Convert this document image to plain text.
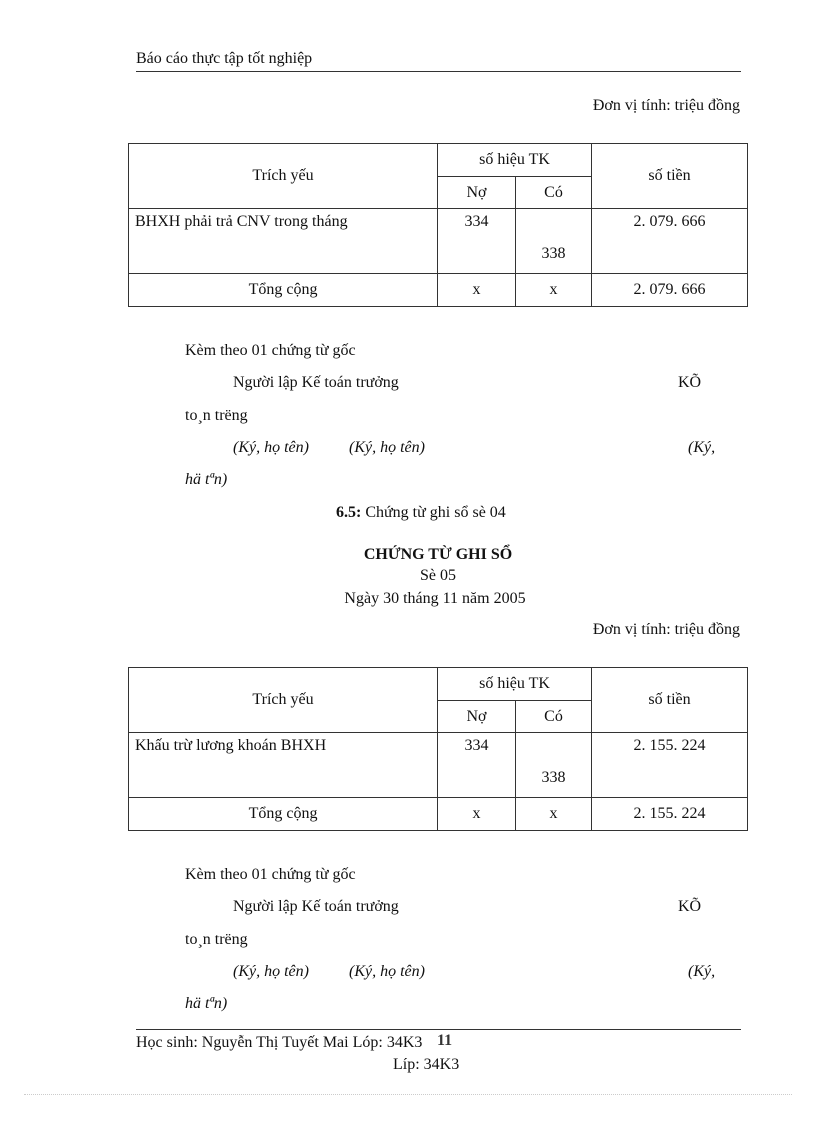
Báo cáo thực tập tốt nghiệp
Đơn vị tính: triệu đồng
Trích yếu	số hiệu TK		số tiền
	Nợ	Có	
BHXH phải trả CNV trong tháng	334	338	2. 079. 666
Tổng cộng	x	x	2. 079. 666
Kèm theo 01 chứng từ gốc
Người lập Kế toán trưởng	KÕ
to¸n trëng
(Ký, họ tên)	(Ký, họ tên)	(Ký,
hä tªn)
6.5: Chứng từ ghi sổ sè 04
CHỨNG TỪ GHI SỔ
Sè 05
Ngày 30 tháng 11 năm 2005
Đơn vị tính: triệu đồng
Trích yếu	số hiệu TK		số tiền
	Nợ	Có	
Khấu trừ lương khoán BHXH	334	338	2. 155. 224
Tổng cộng	x	x	2. 155. 224
Kèm theo 01 chứng từ gốc
Người lập Kế toán trưởng	KÕ
to¸n trëng
(Ký, họ tên)	(Ký, họ tên)	(Ký,
hä tªn)
Học sinh: Nguyễn Thị Tuyết Mai Lóp: 34K3 11
Líp: 34K3
